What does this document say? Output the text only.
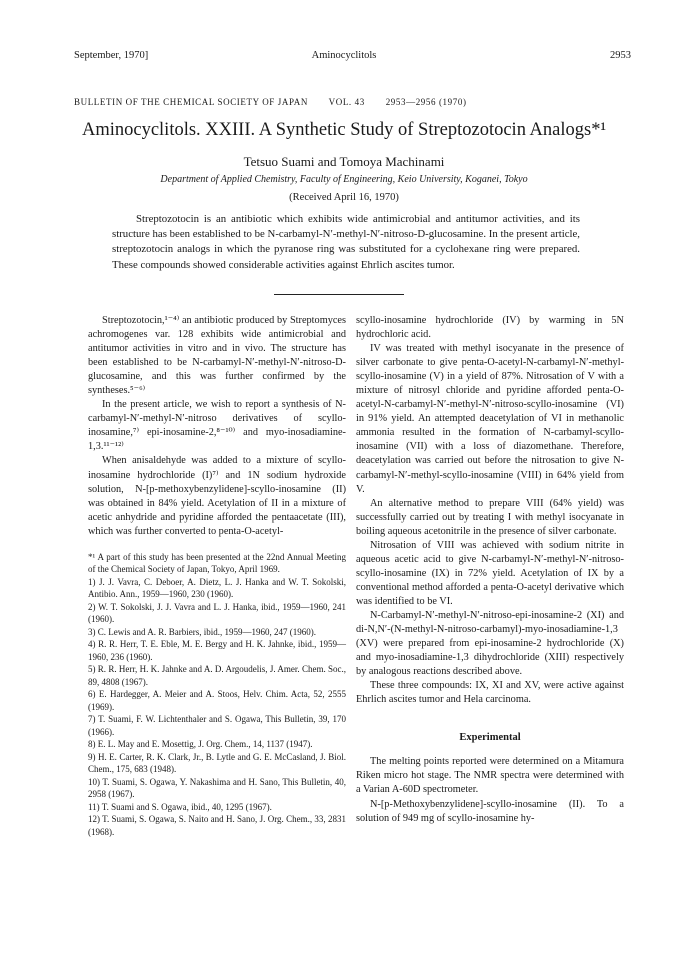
September, 1970]	Aminocyclitols	2953
BULLETIN OF THE CHEMICAL SOCIETY OF JAPAN VOL. 43 2953—2956 (1970)
Aminocyclitols. XXIII. A Synthetic Study of Streptozotocin Analogs*¹
Tetsuo Suami and Tomoya Machinami
Department of Applied Chemistry, Faculty of Engineering, Keio University, Koganei, Tokyo
(Received April 16, 1970)

Streptozotocin is an antibiotic which exhibits wide antimicrobial and antitumor activities, and its structure has been established to be N-carbamyl-N′-methyl-N′-nitroso-D-glucosamine. In the present article, streptozotocin analogs in which the pyranose ring was substituted for a cyclohexane ring were prepared. These compounds showed considerable activities against Ehrlich ascites tumor.

Streptozotocin,¹⁻⁴⁾ an antibiotic produced by Streptomyces achromogenes var. 128 exhibits wide antimicrobial and antitumor activities in vitro and in vivo. The structure has been established to be N-carbamyl-N′-methyl-N′-nitroso-D-glucosamine, and this was further confirmed by the syntheses.⁵⁻⁶⁾

In the present article, we wish to report a synthesis of N-carbamyl-N′-methyl-N′-nitroso derivatives of scyllo-inosamine,⁷⁾ epi-inosamine-2,⁸⁻¹⁰⁾ and myo-inosadiamine-1,3.¹¹⁻¹²⁾

When anisaldehyde was added to a mixture of scyllo-inosamine hydrochloride (I)⁷⁾ and 1N sodium hydroxide solution, N-[p-methoxybenzylidene]-scyllo-inosamine (II) was obtained in 84% yield. Acetylation of II in a mixture of acetic anhydride and pyridine afforded the pentaacetate (III), which was further converted to penta-O-acetyl-

*¹ A part of this study has been presented at the 22nd Annual Meeting of the Chemical Society of Japan, Tokyo, April 1969.
1) J. J. Vavra, C. Deboer, A. Dietz, L. J. Hanka and W. T. Sokolski, Antibio. Ann., 1959—1960, 230 (1960).
2) W. T. Sokolski, J. J. Vavra and L. J. Hanka, ibid., 1959—1960, 241 (1960).
3) C. Lewis and A. R. Barbiers, ibid., 1959—1960, 247 (1960).
4) R. R. Herr, T. E. Eble, M. E. Bergy and H. K. Jahnke, ibid., 1959—1960, 236 (1960).
5) R. R. Herr, H. K. Jahnke and A. D. Argoudelis, J. Amer. Chem. Soc., 89, 4808 (1967).
6) E. Hardegger, A. Meier and A. Stoos, Helv. Chim. Acta, 52, 2555 (1969).
7) T. Suami, F. W. Lichtenthaler and S. Ogawa, This Bulletin, 39, 170 (1966).
8) E. L. May and E. Mosettig, J. Org. Chem., 14, 1137 (1947).
9) H. E. Carter, R. K. Clark, Jr., B. Lytle and G. E. McCasland, J. Biol. Chem., 175, 683 (1948).
10) T. Suami, S. Ogawa, Y. Nakashima and H. Sano, This Bulletin, 40, 2958 (1967).
11) T. Suami and S. Ogawa, ibid., 40, 1295 (1967).
12) T. Suami, S. Ogawa, S. Naito and H. Sano, J. Org. Chem., 33, 2831 (1968).

scyllo-inosamine hydrochloride (IV) by warming in 5N hydrochloric acid.

IV was treated with methyl isocyanate in the presence of silver carbonate to give penta-O-acetyl-N-carbamyl-N′-methyl-scyllo-inosamine (V) in a yield of 87%. Nitrosation of V with a mixture of nitrosyl chloride and pyridine afforded penta-O-acetyl-N-carbamyl-N′-methyl-N′-nitroso-scyllo-inosamine (VI) in 91% yield. An attempted deacetylation of VI in methanolic ammonia resulted in the formation of N-carbamyl-scyllo-inosamine (VII) with a loss of diazomethane. Therefore, deacetylation was carried out before the nitrosation to give N-carbamyl-N′-methyl-scyllo-inosamine (VIII) in 64% yield from V.

An alternative method to prepare VIII (64% yield) was successfully carried out by treating I with methyl isocyanate in boiling aqueous acetonitrile in the presence of silver carbonate.

Nitrosation of VIII was achieved with sodium nitrite in aqueous acetic acid to give N-carbamyl-N′-methyl-N′-nitroso-scyllo-inosamine (IX) in 72% yield. Acetylation of IX by a conventional method afforded a penta-O-acetyl derivative which was identified to be VI.

N-Carbamyl-N′-methyl-N′-nitroso-epi-inosamine-2 (XI) and di-N,N′-(N-methyl-N-nitroso-carbamyl)-myo-inosadiamine-1,3 (XV) were prepared from epi-inosamine-2 hydrochloride (X) and myo-inosadiamine-1,3 dihydrochloride (XIII) respectively by analogous reactions described above.

These three compounds: IX, XI and XV, were active against Ehrlich ascites tumor and Hela carcinoma.

Experimental

The melting points reported were determined on a Mitamura Riken micro hot stage. The NMR spectra were determined with a Varian A-60D spectrometer.

N-[p-Methoxybenzylidene]-scyllo-inosamine (II). To a solution of 949 mg of scyllo-inosamine hy-
